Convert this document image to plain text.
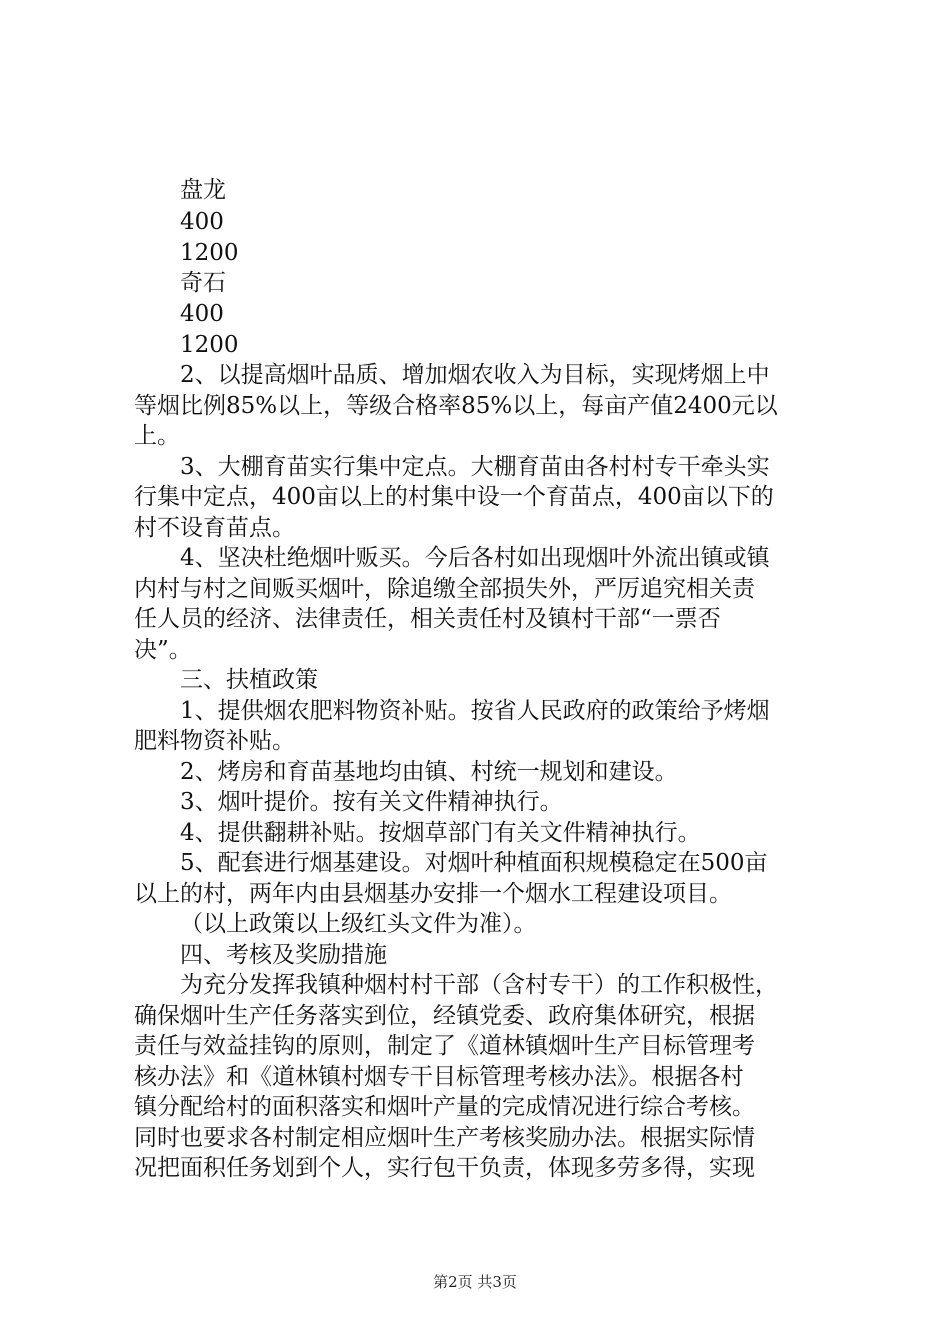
盘龙
400
1200
奇石
400
1200
2、以提高烟叶品质、增加烟农收入为目标，实现烤烟上中
等烟比例85%以上，等级合格率85%以上，每亩产值2400元以
上。
3、大棚育苗实行集中定点。大棚育苗由各村村专干牵头实
行集中定点，400亩以上的村集中设一个育苗点，400亩以下的
村不设育苗点。
4、坚决杜绝烟叶贩买。今后各村如出现烟叶外流出镇或镇
内村与村之间贩买烟叶，除追缴全部损失外，严厉追究相关责
任人员的经济、法律责任，相关责任村及镇村干部“一票否
决”。
三、扶植政策
1、提供烟农肥料物资补贴。按省人民政府的政策给予烤烟
肥料物资补贴。
2、烤房和育苗基地均由镇、村统一规划和建设。
3、烟叶提价。按有关文件精神执行。
4、提供翻耕补贴。按烟草部门有关文件精神执行。
5、配套进行烟基建设。对烟叶种植面积规模稳定在500亩
以上的村，两年内由县烟基办安排一个烟水工程建设项目。
（以上政策以上级红头文件为准）。
四、考核及奖励措施
为充分发挥我镇种烟村村干部（含村专干）的工作积极性，
确保烟叶生产任务落实到位，经镇党委、政府集体研究，根据
责任与效益挂钩的原则，制定了《道林镇烟叶生产目标管理考
核办法》和《道林镇村烟专干目标管理考核办法》。根据各村
镇分配给村的面积落实和烟叶产量的完成情况进行综合考核。
同时也要求各村制定相应烟叶生产考核奖励办法。根据实际情
况把面积任务划到个人，实行包干负责，体现多劳多得，实现
第2页 共3页
